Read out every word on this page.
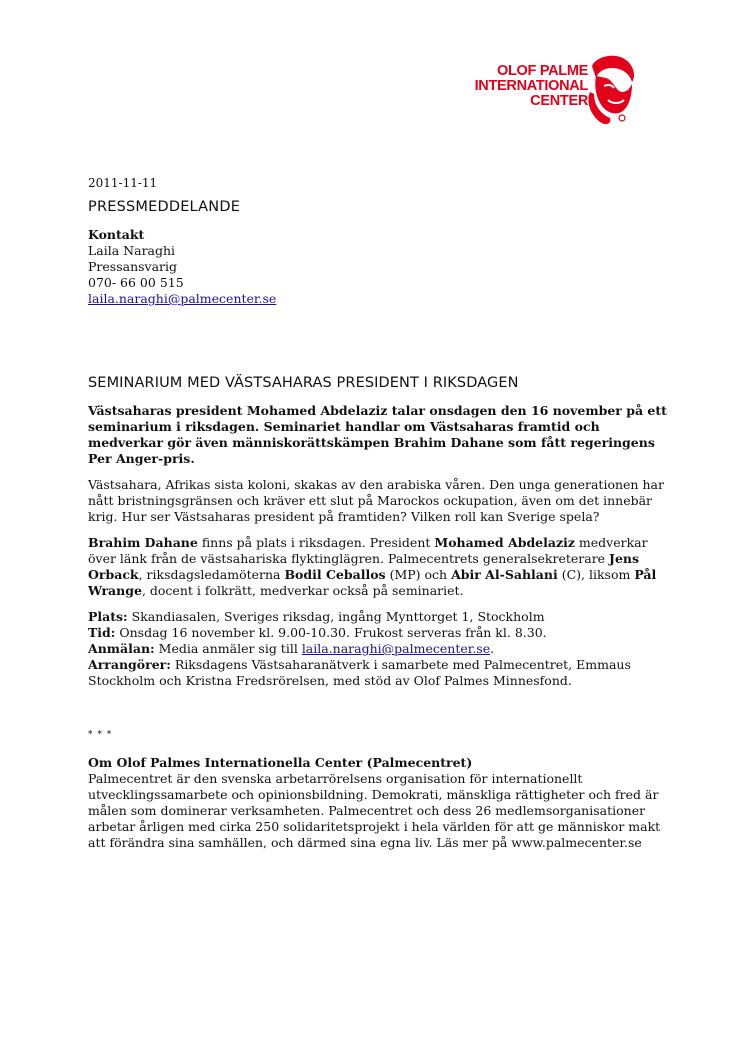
OLOF PALME
INTERNATIONAL
CENTER

2011-11-11

PRESSMEDDELANDE

Kontakt

Laila Naraghi

Pressansvarig

070- 66 00 515

laila.naraghi@palmecenter.se

SEMINARIUM MED VÄSTSAHARAS PRESIDENT I RIKSDAGEN

Västsaharas president Mohamed Abdelaziz talar onsdagen den 16 november på ett seminarium i riksdagen. Seminariet handlar om Västsaharas framtid och medverkar gör även människorättskämpen Brahim Dahane som fått regeringens Per Anger-pris.

Västsahara, Afrikas sista koloni, skakas av den arabiska våren. Den unga generationen har nått bristningsgränsen och kräver ett slut på Marockos ockupation, även om det innebär krig. Hur ser Västsaharas president på framtiden? Vilken roll kan Sverige spela?

Brahim Dahane finns på plats i riksdagen. President Mohamed Abdelaziz medverkar över länk från de västsahariska flyktinglägren. Palmecentrets generalsekreterare Jens Orback, riksdagsledamöterna Bodil Ceballos (MP) och Abir Al-Sahlani (C), liksom Pål Wrange, docent i folkrätt, medverkar också på seminariet.

Plats: Skandiasalen, Sveriges riksdag, ingång Mynttorget 1, Stockholm

Tid: Onsdag 16 november kl. 9.00-10.30. Frukost serveras från kl. 8.30.

Anmälan: Media anmäler sig till laila.naraghi@palmecenter.se.

Arrangörer: Riksdagens Västsaharanätverk i samarbete med Palmecentret, Emmaus Stockholm och Kristna Fredsrörelsen, med stöd av Olof Palmes Minnesfond.

* * *

Om Olof Palmes Internationella Center (Palmecentret)

Palmecentret är den svenska arbetarrörelsens organisation för internationellt utvecklingssamarbete och opinionsbildning. Demokrati, mänskliga rättigheter och fred är målen som dominerar verksamheten. Palmecentret och dess 26 medlemsorganisationer arbetar årligen med cirka 250 solidaritetsprojekt i hela världen för att ge människor makt att förändra sina samhällen, och därmed sina egna liv. Läs mer på www.palmecenter.se
